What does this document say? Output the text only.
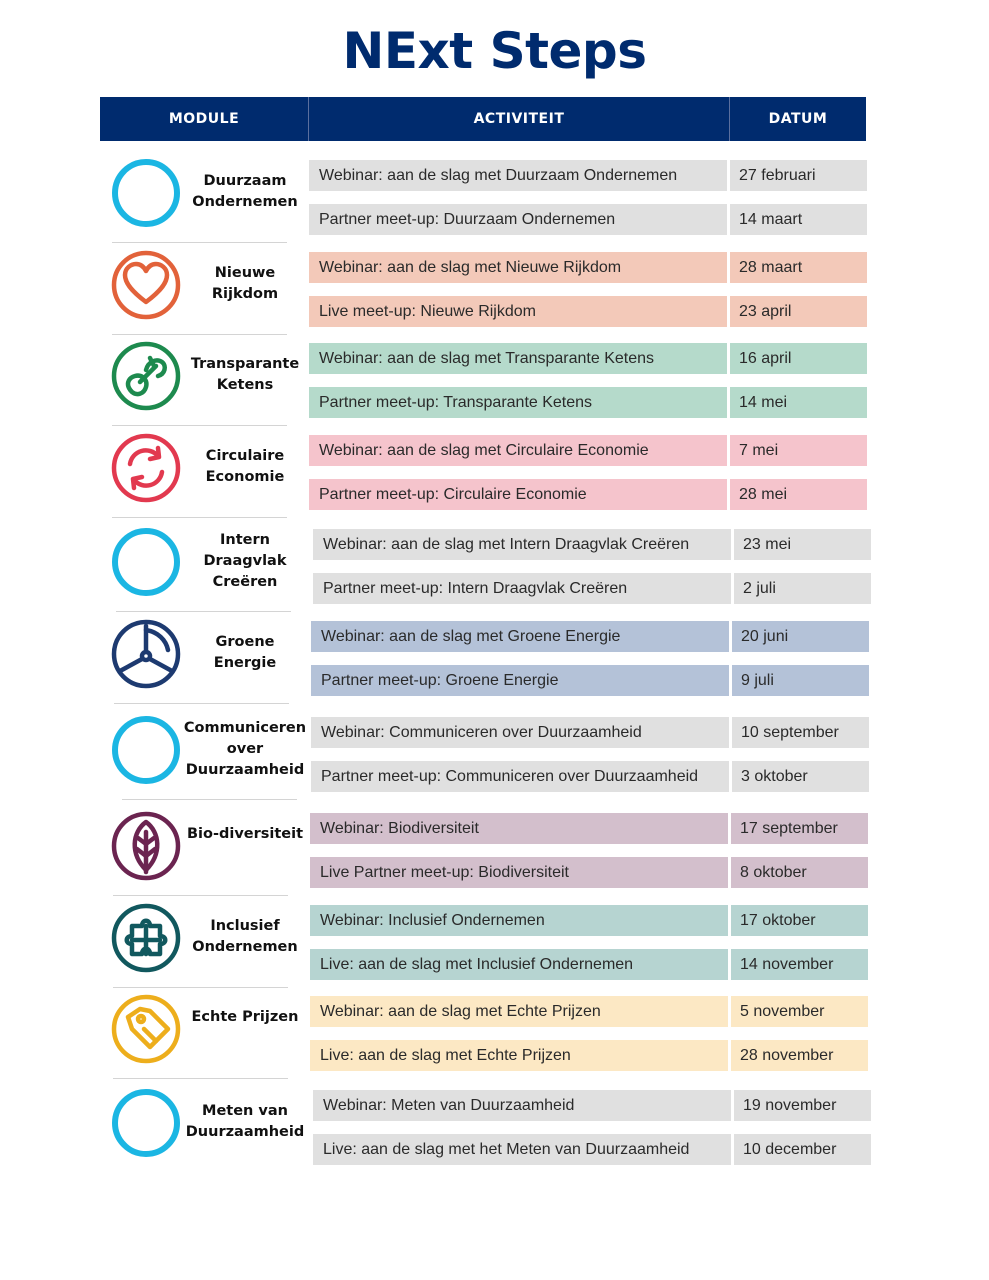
NExt Steps
MODULE	ACTIVITEIT	DATUM
Duurzaam Ondernemen
Webinar: aan de slag met Duurzaam Ondernemen	27 februari
Partner meet-up: Duurzaam Ondernemen	14 maart
Nieuwe Rijkdom
Webinar: aan de slag met Nieuwe Rijkdom	28 maart
Live meet-up: Nieuwe Rijkdom	23 april
Transparante Ketens
Webinar: aan de slag met Transparante Ketens	16 april
Partner meet-up: Transparante Ketens	14 mei
Circulaire Economie
Webinar: aan de slag met Circulaire Economie	7 mei
Partner meet-up: Circulaire Economie	28 mei
Intern Draagvlak Creëren
Webinar: aan de slag met Intern Draagvlak Creëren	23 mei
Partner meet-up: Intern Draagvlak Creëren	2 juli
Groene Energie
Webinar: aan de slag met Groene Energie	20 juni
Partner meet-up: Groene Energie	9 juli
Communiceren over Duurzaamheid
Webinar: Communiceren over Duurzaamheid	10 september
Partner meet-up: Communiceren over Duurzaamheid	3 oktober
Bio-diversiteit	Webinar: Biodiversiteit	17 september
Live Partner meet-up: Biodiversiteit	8 oktober
Inclusief Ondernemen
Webinar: Inclusief Ondernemen	17 oktober
Live: aan de slag met Inclusief Ondernemen	14 november
Echte Prijzen	Webinar: aan de slag met Echte Prijzen	5 november
Live: aan de slag met Echte Prijzen	28 november
Meten van Duurzaamheid
Webinar: Meten van Duurzaamheid	19 november
Live: aan de slag met het Meten van Duurzaamheid	10 december
